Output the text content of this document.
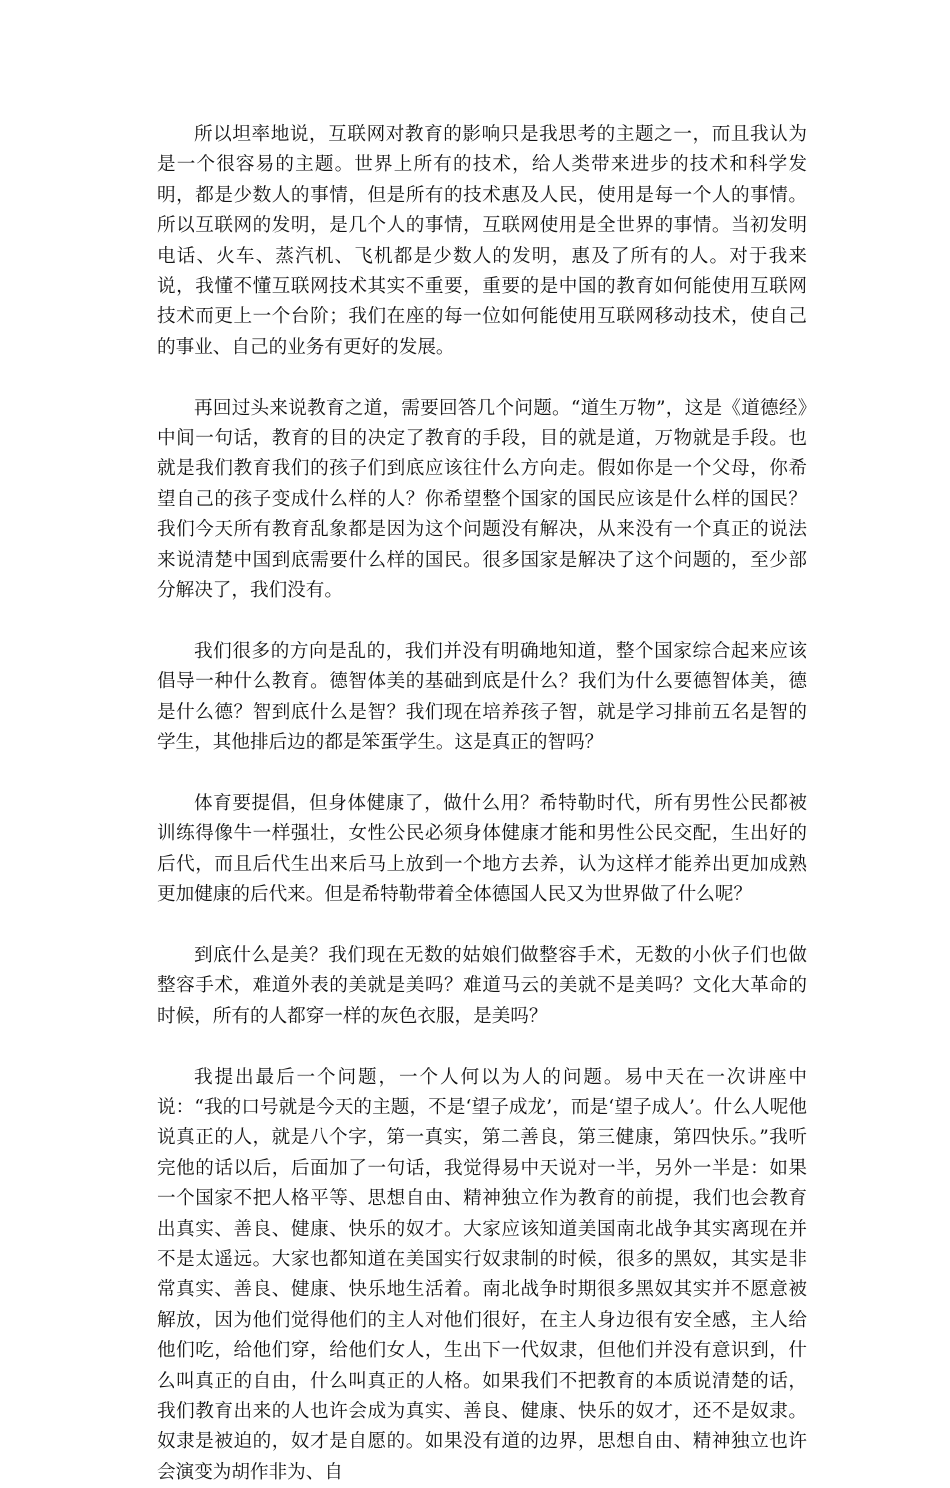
所以坦率地说，互联网对教育的影响只是我思考的主题之一，而且我认为是一个很容易的主题。世界上所有的技术，给人类带来进步的技术和科学发明，都是少数人的事情，但是所有的技术惠及人民，使用是每一个人的事情。所以互联网的发明，是几个人的事情，互联网使用是全世界的事情。当初发明电话、火车、蒸汽机、飞机都是少数人的发明，惠及了所有的人。对于我来说，我懂不懂互联网技术其实不重要，重要的是中国的教育如何能使用互联网技术而更上一个台阶；我们在座的每一位如何能使用互联网移动技术，使自己的事业、自己的业务有更好的发展。

再回过头来说教育之道，需要回答几个问题。“道生万物”，这是《道德经》中间一句话，教育的目的决定了教育的手段，目的就是道，万物就是手段。也就是我们教育我们的孩子们到底应该往什么方向走。假如你是一个父母，你希望自己的孩子变成什么样的人？你希望整个国家的国民应该是什么样的国民？我们今天所有教育乱象都是因为这个问题没有解决，从来没有一个真正的说法来说清楚中国到底需要什么样的国民。很多国家是解决了这个问题的，至少部分解决了，我们没有。

我们很多的方向是乱的，我们并没有明确地知道，整个国家综合起来应该倡导一种什么教育。德智体美的基础到底是什么？我们为什么要德智体美，德是什么德？智到底什么是智？我们现在培养孩子智，就是学习排前五名是智的学生，其他排后边的都是笨蛋学生。这是真正的智吗？

体育要提倡，但身体健康了，做什么用？希特勒时代，所有男性公民都被训练得像牛一样强壮，女性公民必须身体健康才能和男性公民交配，生出好的后代，而且后代生出来后马上放到一个地方去养，认为这样才能养出更加成熟更加健康的后代来。但是希特勒带着全体德国人民又为世界做了什么呢？

到底什么是美？我们现在无数的姑娘们做整容手术，无数的小伙子们也做整容手术，难道外表的美就是美吗？难道马云的美就不是美吗？文化大革命的时候，所有的人都穿一样的灰色衣服，是美吗？

我提出最后一个问题，一个人何以为人的问题。易中天在一次讲座中说：“我的口号就是今天的主题，不是‘望子成龙’，而是‘望子成人’。什么人呢他说真正的人，就是八个字，第一真实，第二善良，第三健康，第四快乐。”我听完他的话以后，后面加了一句话，我觉得易中天说对一半，另外一半是：如果一个国家不把人格平等、思想自由、精神独立作为教育的前提，我们也会教育出真实、善良、健康、快乐的奴才。大家应该知道美国南北战争其实离现在并不是太遥远。大家也都知道在美国实行奴隶制的时候，很多的黑奴，其实是非常真实、善良、健康、快乐地生活着。南北战争时期很多黑奴其实并不愿意被解放，因为他们觉得他们的主人对他们很好，在主人身边很有安全感，主人给他们吃，给他们穿，给他们女人，生出下一代奴隶，但他们并没有意识到，什么叫真正的自由，什么叫真正的人格。如果我们不把教育的本质说清楚的话，我们教育出来的人也许会成为真实、善良、健康、快乐的奴才，还不是奴隶。奴隶是被迫的，奴才是自愿的。如果没有道的边界，思想自由、精神独立也许会演变为胡作非为、自
